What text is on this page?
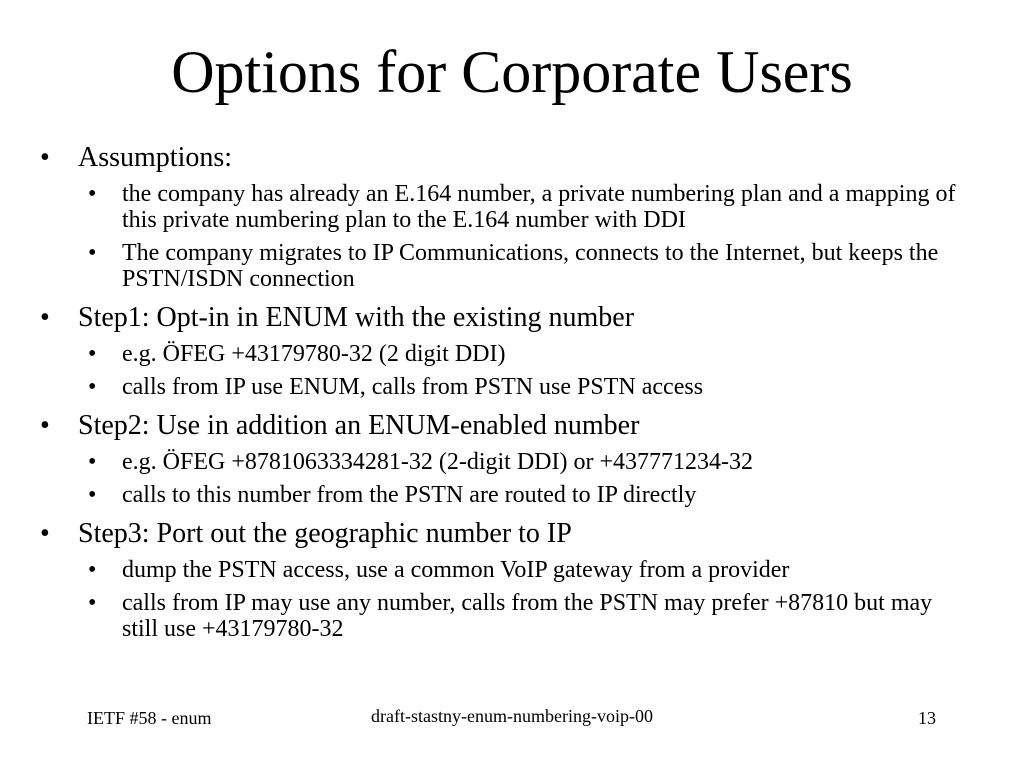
Options for Corporate Users
• Assumptions:
• the company has already an E.164 number, a private numbering plan and a mapping of this private numbering plan to the E.164 number with DDI
• The company migrates to IP Communications, connects to the Internet, but keeps the PSTN/ISDN connection
• Step1: Opt-in in ENUM with the existing number
• e.g. ÖFEG +43179780-32 (2 digit DDI)
• calls from IP use ENUM, calls from PSTN use PSTN access
• Step2: Use in addition an ENUM-enabled number
• e.g. ÖFEG +8781063334281-32 (2-digit DDI) or +437771234-32
• calls to this number from the PSTN are routed to IP directly
• Step3: Port out the geographic number to IP
• dump the PSTN access, use a common VoIP gateway from a provider
• calls from IP may use any number, calls from the PSTN may prefer +87810 but may still use +43179780-32
IETF #58 - enum	draft-stastny-enum-numbering-voip-00	13
